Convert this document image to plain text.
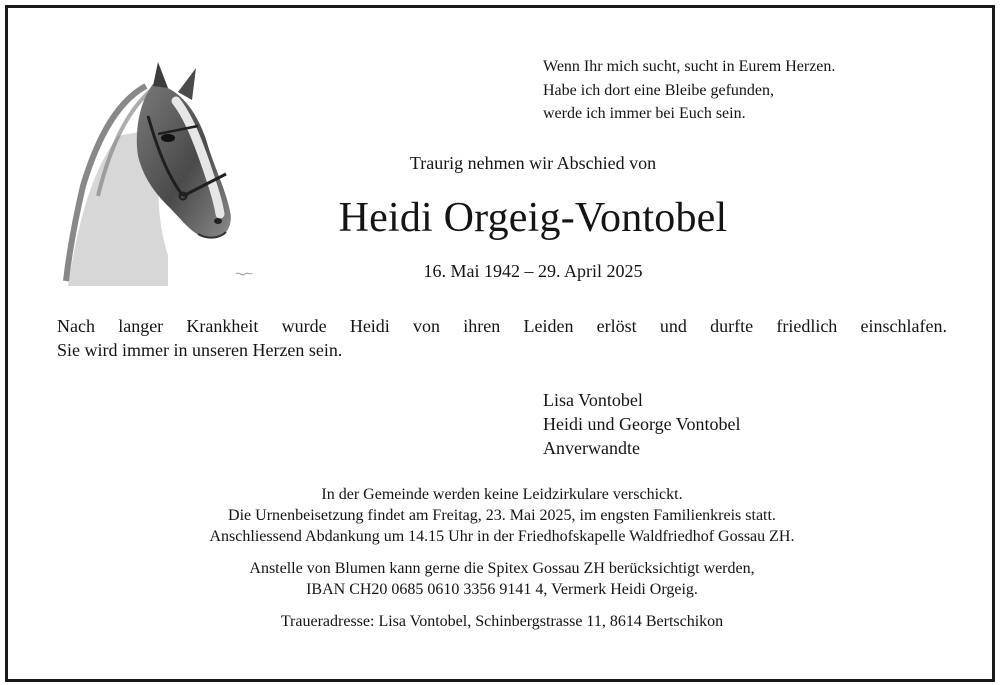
Wenn Ihr mich sucht, sucht in Eurem Herzen.
Habe ich dort eine Bleibe gefunden,
werde ich immer bei Euch sein.
Traurig nehmen wir Abschied von
Heidi Orgeig-Vontobel
16. Mai 1942 – 29. April 2025
Nach langer Krankheit wurde Heidi von ihren Leiden erlöst und durfte friedlich einschlafen.
Sie wird immer in unseren Herzen sein.
Lisa Vontobel
Heidi und George Vontobel
Anverwandte
In der Gemeinde werden keine Leidzirkulare verschickt.
Die Urnenbeisetzung findet am Freitag, 23. Mai 2025, im engsten Familienkreis statt.
Anschliessend Abdankung um 14.15 Uhr in der Friedhofskapelle Waldfriedhof Gossau ZH.
Anstelle von Blumen kann gerne die Spitex Gossau ZH berücksichtigt werden,
IBAN CH20 0685 0610 3356 9141 4, Vermerk Heidi Orgeig.
Traueradresse: Lisa Vontobel, Schinbergstrasse 11, 8614 Bertschikon
